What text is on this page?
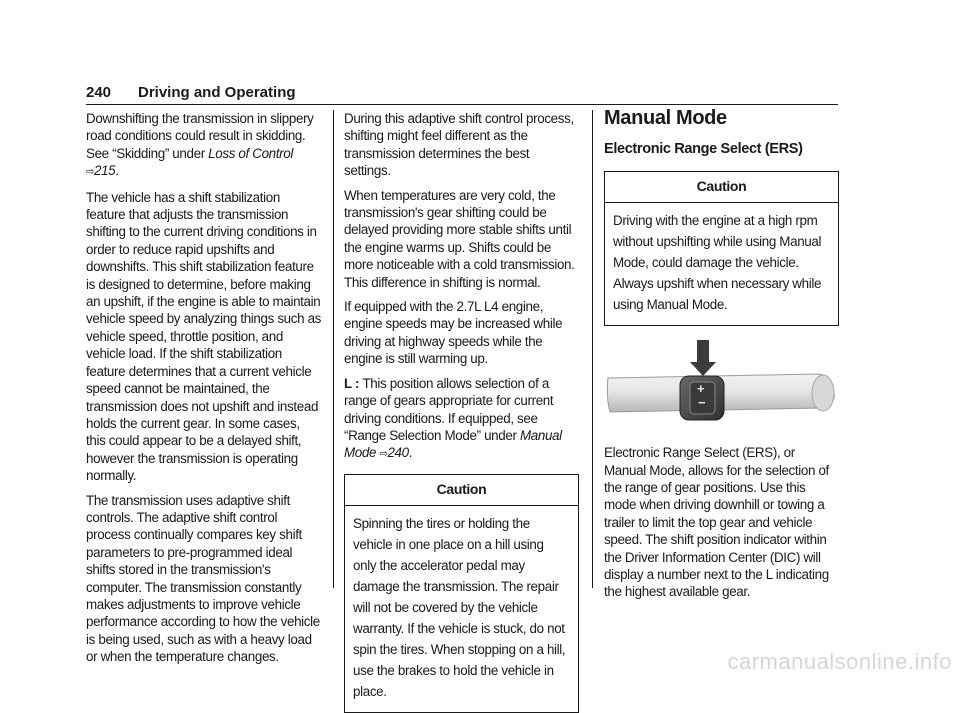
240 Driving and Operating

Downshifting the transmission in slippery road conditions could result in skidding. See “Skidding” under Loss of Control ⇨215.

The vehicle has a shift stabilization feature that adjusts the transmission shifting to the current driving conditions in order to reduce rapid upshifts and downshifts. This shift stabilization feature is designed to determine, before making an upshift, if the engine is able to maintain vehicle speed by analyzing things such as vehicle speed, throttle position, and vehicle load. If the shift stabilization feature determines that a current vehicle speed cannot be maintained, the transmission does not upshift and instead holds the current gear. In some cases, this could appear to be a delayed shift, however the transmission is operating normally.

The transmission uses adaptive shift controls. The adaptive shift control process continually compares key shift parameters to pre-programmed ideal shifts stored in the transmission's computer. The transmission constantly makes adjustments to improve vehicle performance according to how the vehicle is being used, such as with a heavy load or when the temperature changes.

During this adaptive shift control process, shifting might feel different as the transmission determines the best settings.

When temperatures are very cold, the transmission's gear shifting could be delayed providing more stable shifts until the engine warms up. Shifts could be more noticeable with a cold transmission. This difference in shifting is normal.

If equipped with the 2.7L L4 engine, engine speeds may be increased while driving at highway speeds while the engine is still warming up.

L : This position allows selection of a range of gears appropriate for current driving conditions. If equipped, see “Range Selection Mode” under Manual Mode ⇨240.

Caution
Spinning the tires or holding the vehicle in one place on a hill using only the accelerator pedal may damage the transmission. The repair will not be covered by the vehicle warranty. If the vehicle is stuck, do not spin the tires. When stopping on a hill, use the brakes to hold the vehicle in place.
Manual Mode
Electronic Range Select (ERS)
Caution
Driving with the engine at a high rpm without upshifting while using Manual Mode, could damage the vehicle. Always upshift when necessary while using Manual Mode.
+
−

Electronic Range Select (ERS), or Manual Mode, allows for the selection of the range of gear positions. Use this mode when driving downhill or towing a trailer to limit the top gear and vehicle speed. The shift position indicator within the Driver Information Center (DIC) will display a number next to the L indicating the highest available gear.

carmanualsonline.info
